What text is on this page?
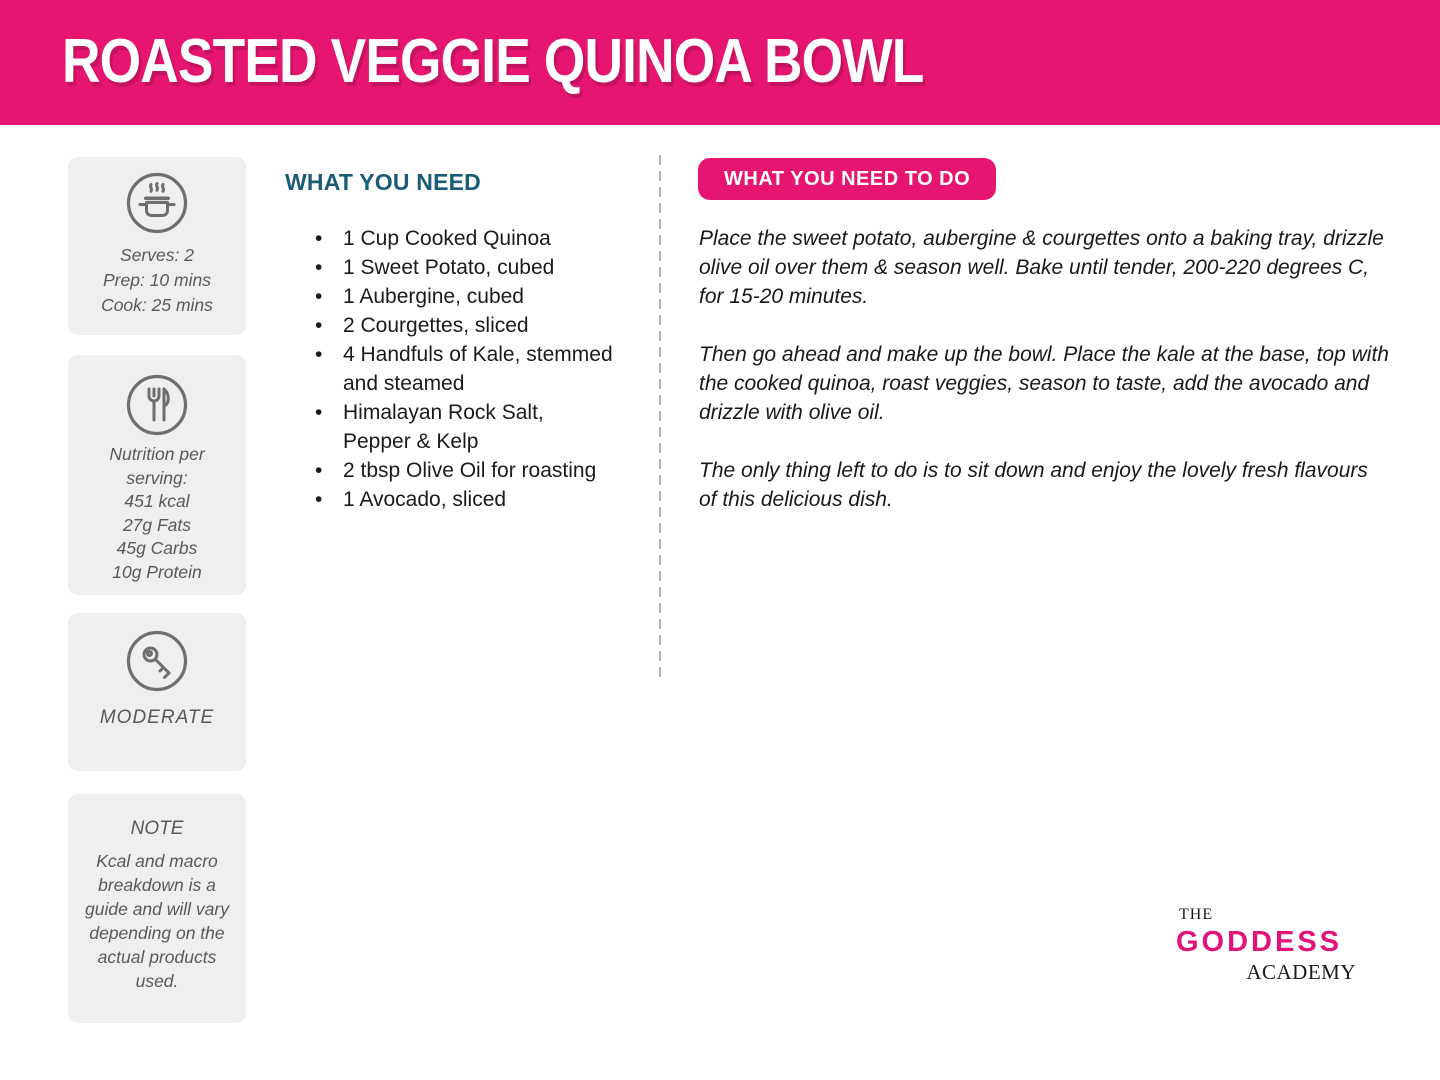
ROASTED VEGGIE QUINOA BOWL
Serves: 2
Prep: 10 mins
Cook: 25 mins
Nutrition per
serving:
451 kcal
27g Fats
45g Carbs
10g Protein
MODERATE
NOTE
Kcal and macro breakdown is a guide and will vary depending on the actual products used.
WHAT YOU NEED
• 1 Cup Cooked Quinoa
• 1 Sweet Potato, cubed
• 1 Aubergine, cubed
• 2 Courgettes, sliced
• 4 Handfuls of Kale, stemmed and steamed
• Himalayan Rock Salt, Pepper & Kelp
• 2 tbsp Olive Oil for roasting
• 1 Avocado, sliced
WHAT YOU NEED TO DO

Place the sweet potato, aubergine & courgettes onto a baking tray, drizzle olive oil over them & season well. Bake until tender, 200-220 degrees C, for 15-20 minutes.

Then go ahead and make up the bowl. Place the kale at the base, top with the cooked quinoa, roast veggies, season to taste, add the avocado and drizzle with olive oil.

The only thing left to do is to sit down and enjoy the lovely fresh flavours of this delicious dish.

THE
GODDESS
ACADEMY
